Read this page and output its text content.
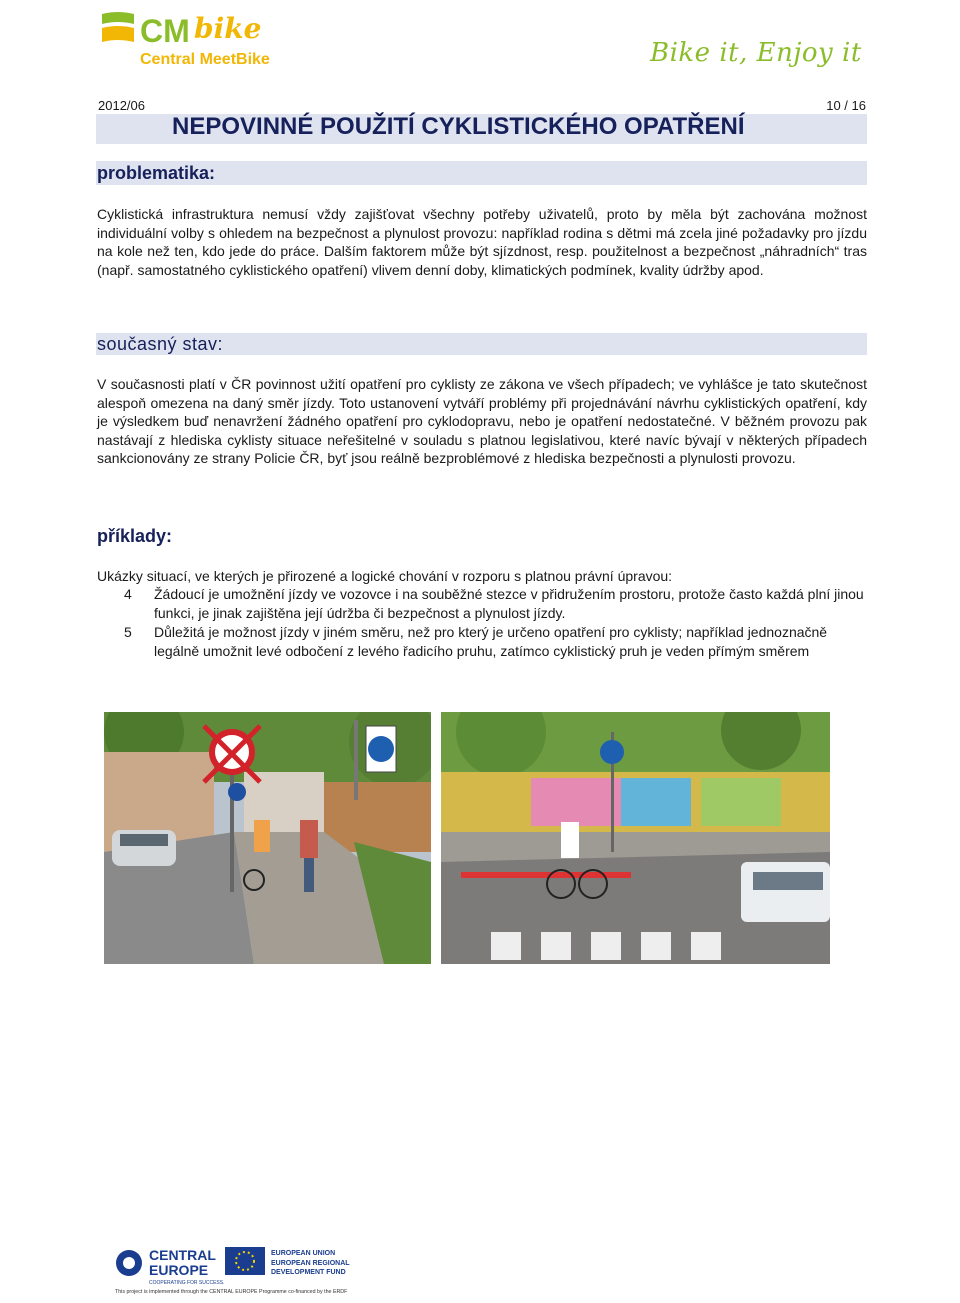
CM bike
Central MeetBike	Bike it, Enjoy it
2012/06	10 / 16
NEPOVINNÉ POUŽITÍ CYKLISTICKÉHO OPATŘENÍ
problematika:
Cyklistická infrastruktura nemusí vždy zajišťovat všechny potřeby uživatelů, proto by měla být zachována možnost individuální volby s ohledem na bezpečnost a plynulost provozu: například rodina s dětmi má zcela jiné požadavky pro jízdu na kole než ten, kdo jede do práce. Dalším faktorem může být sjízdnost, resp. použitelnost a bezpečnost „náhradních“ tras (např. samostatného cyklistického opatření) vlivem denní doby, klimatických podmínek, kvality údržby apod.
současný stav:
V současnosti platí v ČR povinnost užití opatření pro cyklisty ze zákona ve všech případech; ve vyhlášce je tato skutečnost alespoň omezena na daný směr jízdy. Toto ustanovení vytváří problémy při projednávání návrhu cyklistických opatření, kdy je výsledkem buď nenavržení žádného opatření pro cyklodopravu, nebo je opatření nedostatečné. V běžném provozu pak nastávají z hlediska cyklisty situace neřešitelné v souladu s platnou legislativou, které navíc bývají v některých případech sankcionovány ze strany Policie ČR, byť jsou reálně bezproblémové z hlediska bezpečnosti a plynulosti provozu.
příklady:
Ukázky situací, ve kterých je přirozené a logické chování v rozporu s platnou právní úpravou:
4 Žádoucí je umožnění jízdy ve vozovce i na souběžné stezce v přidružením prostoru, protože často každá plní jinou funkci, je jinak zajištěna její údržba či bezpečnost a plynulost jízdy.
5 Důležitá je možnost jízdy v jiném směru, než pro který je určeno opatření pro cyklisty; například jednoznačně legálně umožnit levé odbočení z levého řadicího pruhu, zatímco cyklistický pruh je veden přímým směrem
CENTRAL
EUROPE
COOPERATING FOR SUCCESS.
EUROPEAN UNION
EUROPEAN REGIONAL
DEVELOPMENT FUND
This project is implemented through the CENTRAL EUROPE Programme co-financed by the ERDF
